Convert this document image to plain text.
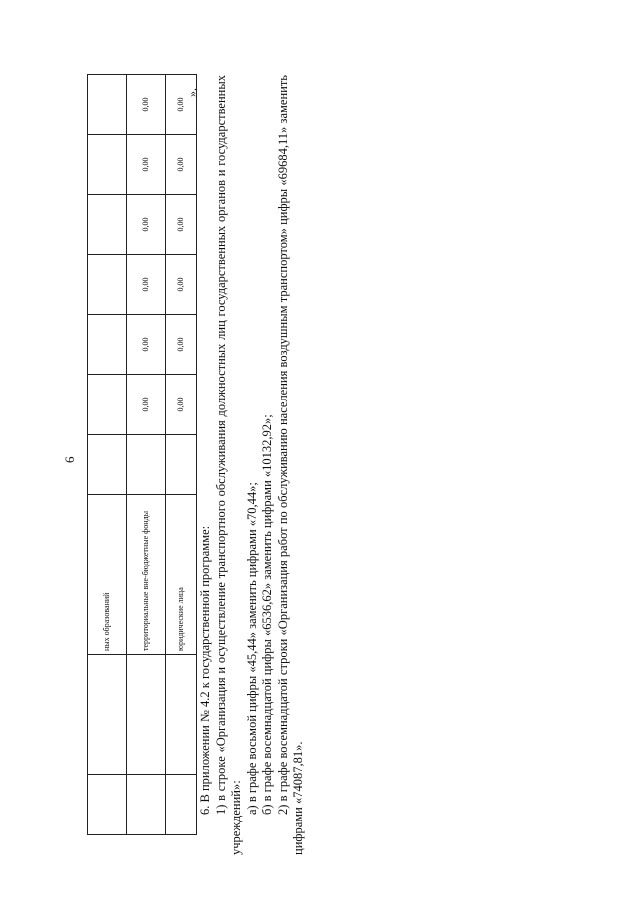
6
		ных образований							
		территориальные вне-бюджетные фонды		0,00	0,00	0,00	0,00	0,00	0,00
		юридические лица		0,00	0,00	0,00	0,00	0,00	0,00
».

6. В приложении № 4.2 к государственной программе: 1) в строке «Организация и осуществление транспортного обслуживания должностных лиц государственных органов и государственных учреждений»:

а) в графе восьмой цифры «45,44» заменить цифрами «70,44»; б) в графе восемнадцатой цифры «6536,62» заменить цифрами «10132,92»; 2) в графе восемнадцатой строки «Организация работ по обслуживанию населения воздушным транспортом» цифры «69684,11» заменить цифрами «74087,81».
